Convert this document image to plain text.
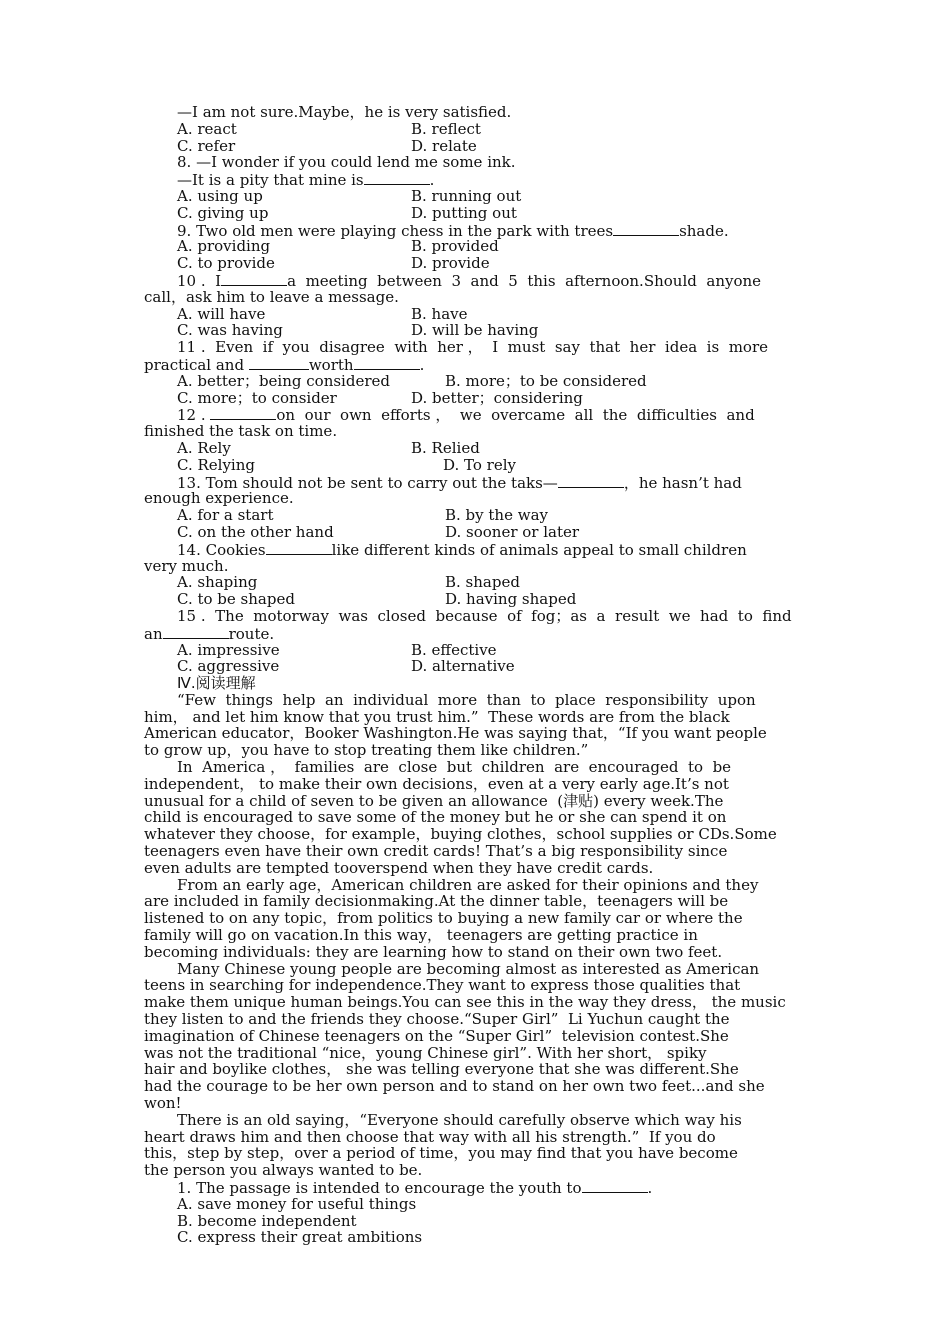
—I am not sure.Maybe，he is very satisfied.
A. react	B. reflect
C. refer	D. relate
8. —I wonder if you could lend me some ink.
—It is a pity that mine is	.
A. using up	B. running out
C. giving up	D. putting out
9. Two old men were playing chess in the park with trees	shade.
A. providing	B. provided
C. to provide	D. provide
10 .  I	a  meeting  between  3  and  5  this  afternoon.Should  anyone
call，ask him to leave a message.
A. will have	B. have
C. was having	D. will be having
11 .  Even  if  you  disagree  with  her ，  I  must  say  that  her  idea  is  more
practical and	worth	.
A. better；being considered	B. more；to be considered
C. more；to consider	D. better；considering
12 .	on  our  own  efforts ，  we  overcame  all  the  difficulties  and
finished the task on time.
A. Rely	B. Relied
C. Relying	D. To rely
13. Tom should not be sent to carry out the taks—	，he hasn’t had
enough experience.
A. for a start	B. by the way
C. on the other hand	D. sooner or later
14. Cookies	like different kinds of animals appeal to small children
very much.
A. shaping	B. shaped
C. to be shaped	D. having shaped
15 .  The  motorway  was  closed  because  of  fog；as  a  result  we  had  to  find
an	route.
A. impressive	B. effective
C. aggressive	D. alternative
Ⅳ.阅读理解
“Few  things  help  an  individual  more  than  to  place  responsibility  upon
him， and let him know that you trust him.”  These words are from the black
American educator，Booker Washington.He was saying that，“If you want people
to grow up，you have to stop treating them like children.”
In  America ，  families  are  close  but  children  are  encouraged  to  be
independent， to make their own decisions，even at a very early age.It’s not
unusual for a child of seven to be given an allowance  (津贴) every week.The
child is encouraged to save some of the money but he or she can spend it on
whatever they choose，for example，buying clothes，school supplies or CDs.Some
teenagers even have their own credit cards! That’s a big responsibility since
even adults are tempted tooverspend when they have credit cards.
From an early age，American children are asked for their opinions and they
are included in family decisionmaking.At the dinner table，teenagers will be
listened to on any topic，from politics to buying a new family car or where the
family will go on vacation.In this way， teenagers are getting practice in
becoming individuals: they are learning how to stand on their own two feet.
Many Chinese young people are becoming almost as interested as American
teens in searching for independence.They want to express those qualities that
make them unique human beings.You can see this in the way they dress， the music
they listen to and the friends they choose.“Super Girl”  Li Yuchun caught the
imagination of Chinese teenagers on the “Super Girl”  television contest.She
was not the traditional “nice，young Chinese girl”. With her short， spiky
hair and boylike clothes， she was telling everyone that she was different.She
had the courage to be her own person and to stand on her own two feet...and she
won!
There is an old saying，“Everyone should carefully observe which way his
heart draws him and then choose that way with all his strength.”  If you do
this，step by step，over a period of time，you may find that you have become
the person you always wanted to be.
1. The passage is intended to encourage the youth to	.
A. save money for useful things
B. become independent
C. express their great ambitions
